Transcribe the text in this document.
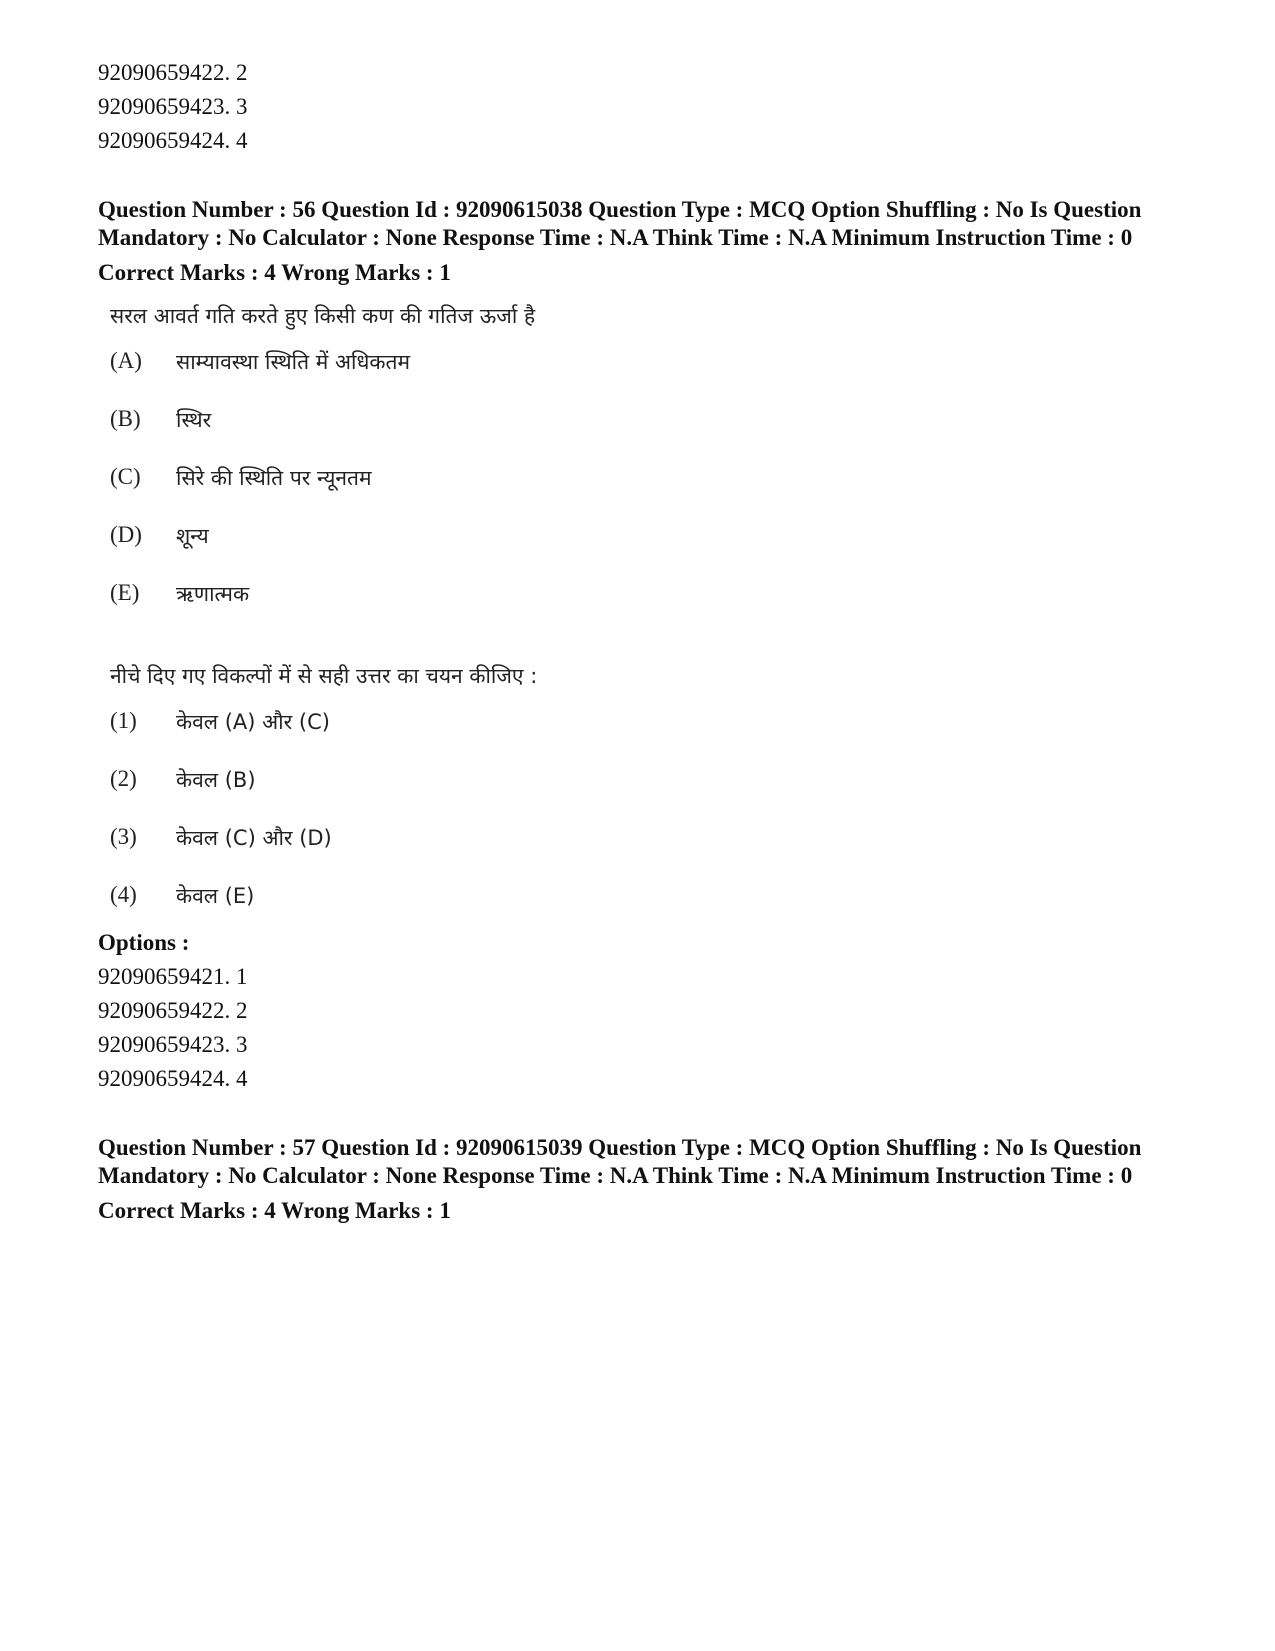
92090659422. 2

92090659423. 3

92090659424. 4

Question Number : 56 Question Id : 92090615038 Question Type : MCQ Option Shuffling : No Is Question Mandatory : No Calculator : None Response Time : N.A Think Time : N.A Minimum Instruction Time : 0

Correct Marks : 4 Wrong Marks : 1

सरल आवर्त गति करते हुए किसी कण की गतिज ऊर्जा है

(A)	साम्यावस्था स्थिति में अधिकतम
(B)	स्थिर
(C)	सिरे की स्थिति पर न्यूनतम
(D)	शून्य
(E)	ऋणात्मक

नीचे दिए गए विकल्पों में से सही उत्तर का चयन कीजिए :

(1)	केवल (A) और (C)
(2)	केवल (B)
(3)	केवल (C) और (D)
(4)	केवल (E)

Options :

92090659421. 1

92090659422. 2

92090659423. 3

92090659424. 4

Question Number : 57 Question Id : 92090615039 Question Type : MCQ Option Shuffling : No Is Question Mandatory : No Calculator : None Response Time : N.A Think Time : N.A Minimum Instruction Time : 0

Correct Marks : 4 Wrong Marks : 1
